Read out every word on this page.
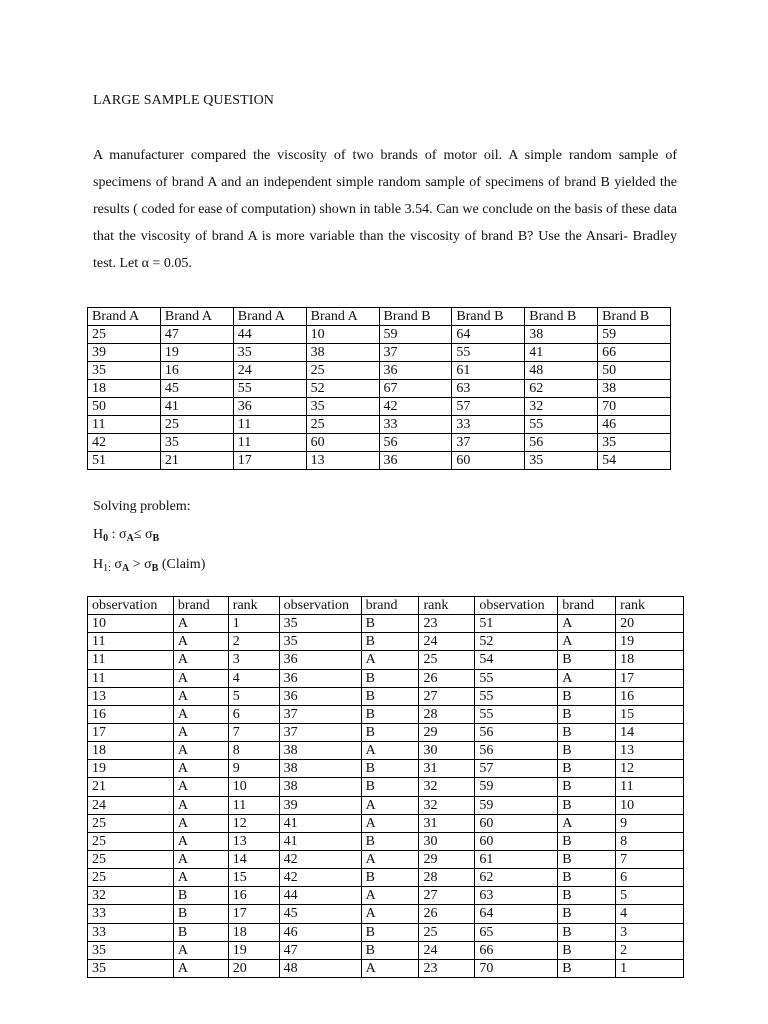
LARGE SAMPLE QUESTION
A manufacturer compared the viscosity of two brands of motor oil. A simple random sample of specimens of brand A and an independent simple random sample of specimens of brand B yielded the results ( coded for ease of computation) shown in table 3.54. Can we conclude on the basis of these data that the viscosity of brand A is more variable than the viscosity of brand B? Use the Ansari- Bradley test. Let α = 0.05.
Brand A	Brand A	Brand A	Brand A	Brand B	Brand B	Brand B	Brand B
25	47	44	10	59	64	38	59
39	19	35	38	37	55	41	66
35	16	24	25	36	61	48	50
18	45	55	52	67	63	62	38
50	41	36	35	42	57	32	70
11	25	11	25	33	33	55	46
42	35	11	60	56	37	56	35
51	21	17	13	36	60	35	54
Solving problem:
$H_0$ : $\sigma_A\le \sigma_B$
$H_{1:}$ $\sigma_A > \sigma_B$ (Claim)
observation	brand	rank	observation	brand	rank	observation	brand	rank
10	A	1	35	B	23	51	A	20
11	A	2	35	B	24	52	A	19
11	A	3	36	A	25	54	B	18
11	A	4	36	B	26	55	A	17
13	A	5	36	B	27	55	B	16
16	A	6	37	B	28	55	B	15
17	A	7	37	B	29	56	B	14
18	A	8	38	A	30	56	B	13
19	A	9	38	B	31	57	B	12
21	A	10	38	B	32	59	B	11
24	A	11	39	A	32	59	B	10
25	A	12	41	A	31	60	A	9
25	A	13	41	B	30	60	B	8
25	A	14	42	A	29	61	B	7
25	A	15	42	B	28	62	B	6
32	B	16	44	A	27	63	B	5
33	B	17	45	A	26	64	B	4
33	B	18	46	B	25	65	B	3
35	A	19	47	B	24	66	B	2
35	A	20	48	A	23	70	B	1
